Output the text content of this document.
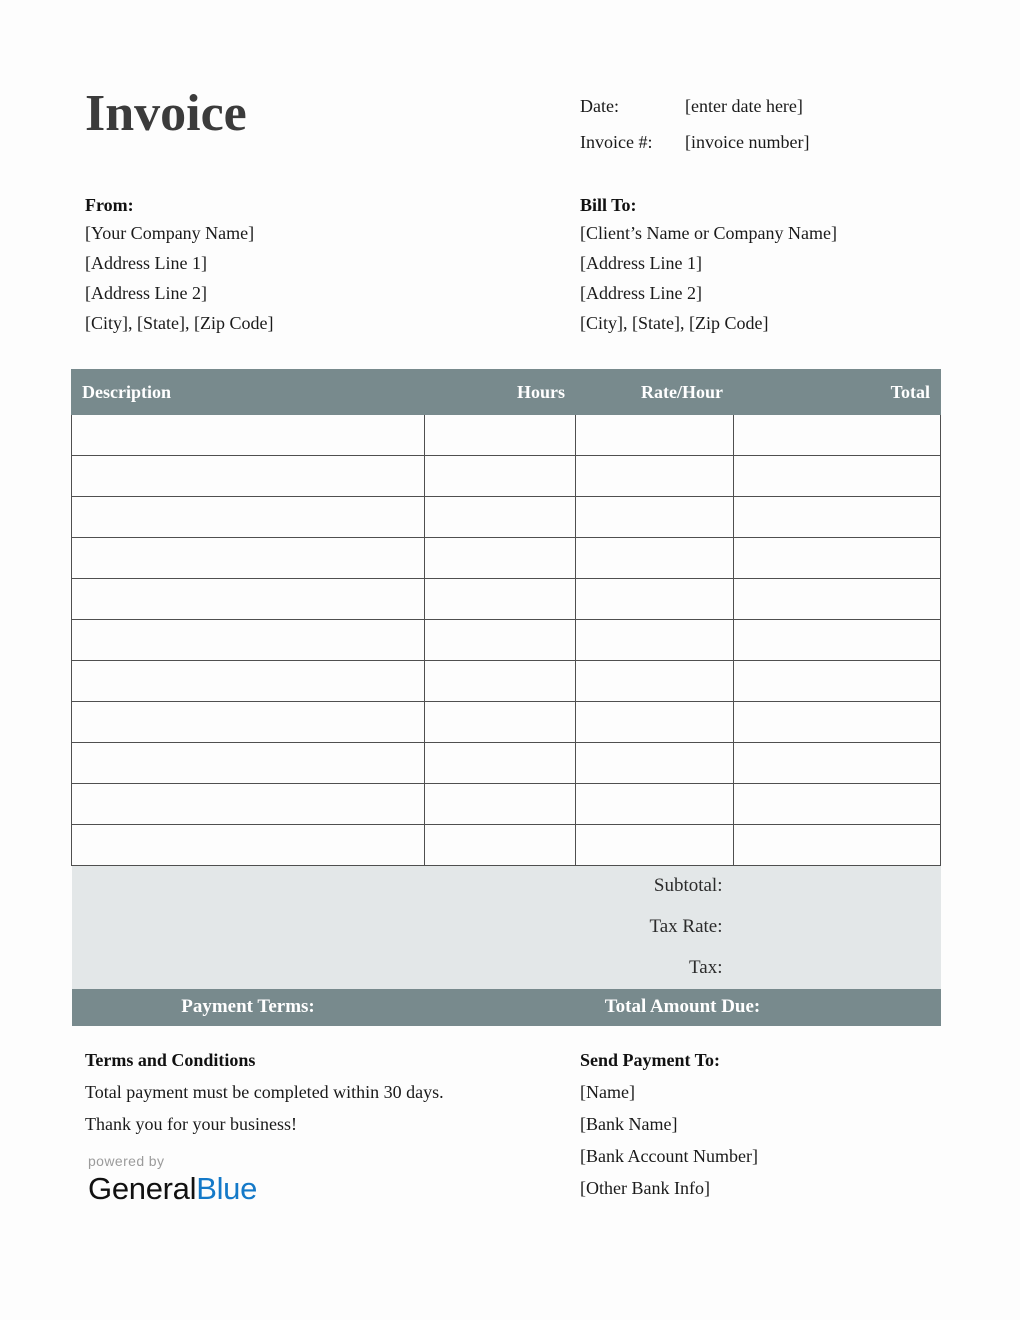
Invoice	Date:	[enter date here]
Invoice #:	[invoice number]
From:
[Your Company Name]
[Address Line 1]
[Address Line 2]
[City], [State], [Zip Code]
Bill To:
[Client’s Name or Company Name]
[Address Line 1]
[Address Line 2]
[City], [State], [Zip Code]
Description	Hours	Rate/Hour	Total

Subtotal:			
Tax Rate:			
Tax:			
Payment Terms:	Total Amount Due:		
Terms and Conditions
Total payment must be completed within 30 days.
Thank you for your business!
Send Payment To:
[Name]
[Bank Name]
[Bank Account Number]
[Other Bank Info]
powered by
GeneralBlue
